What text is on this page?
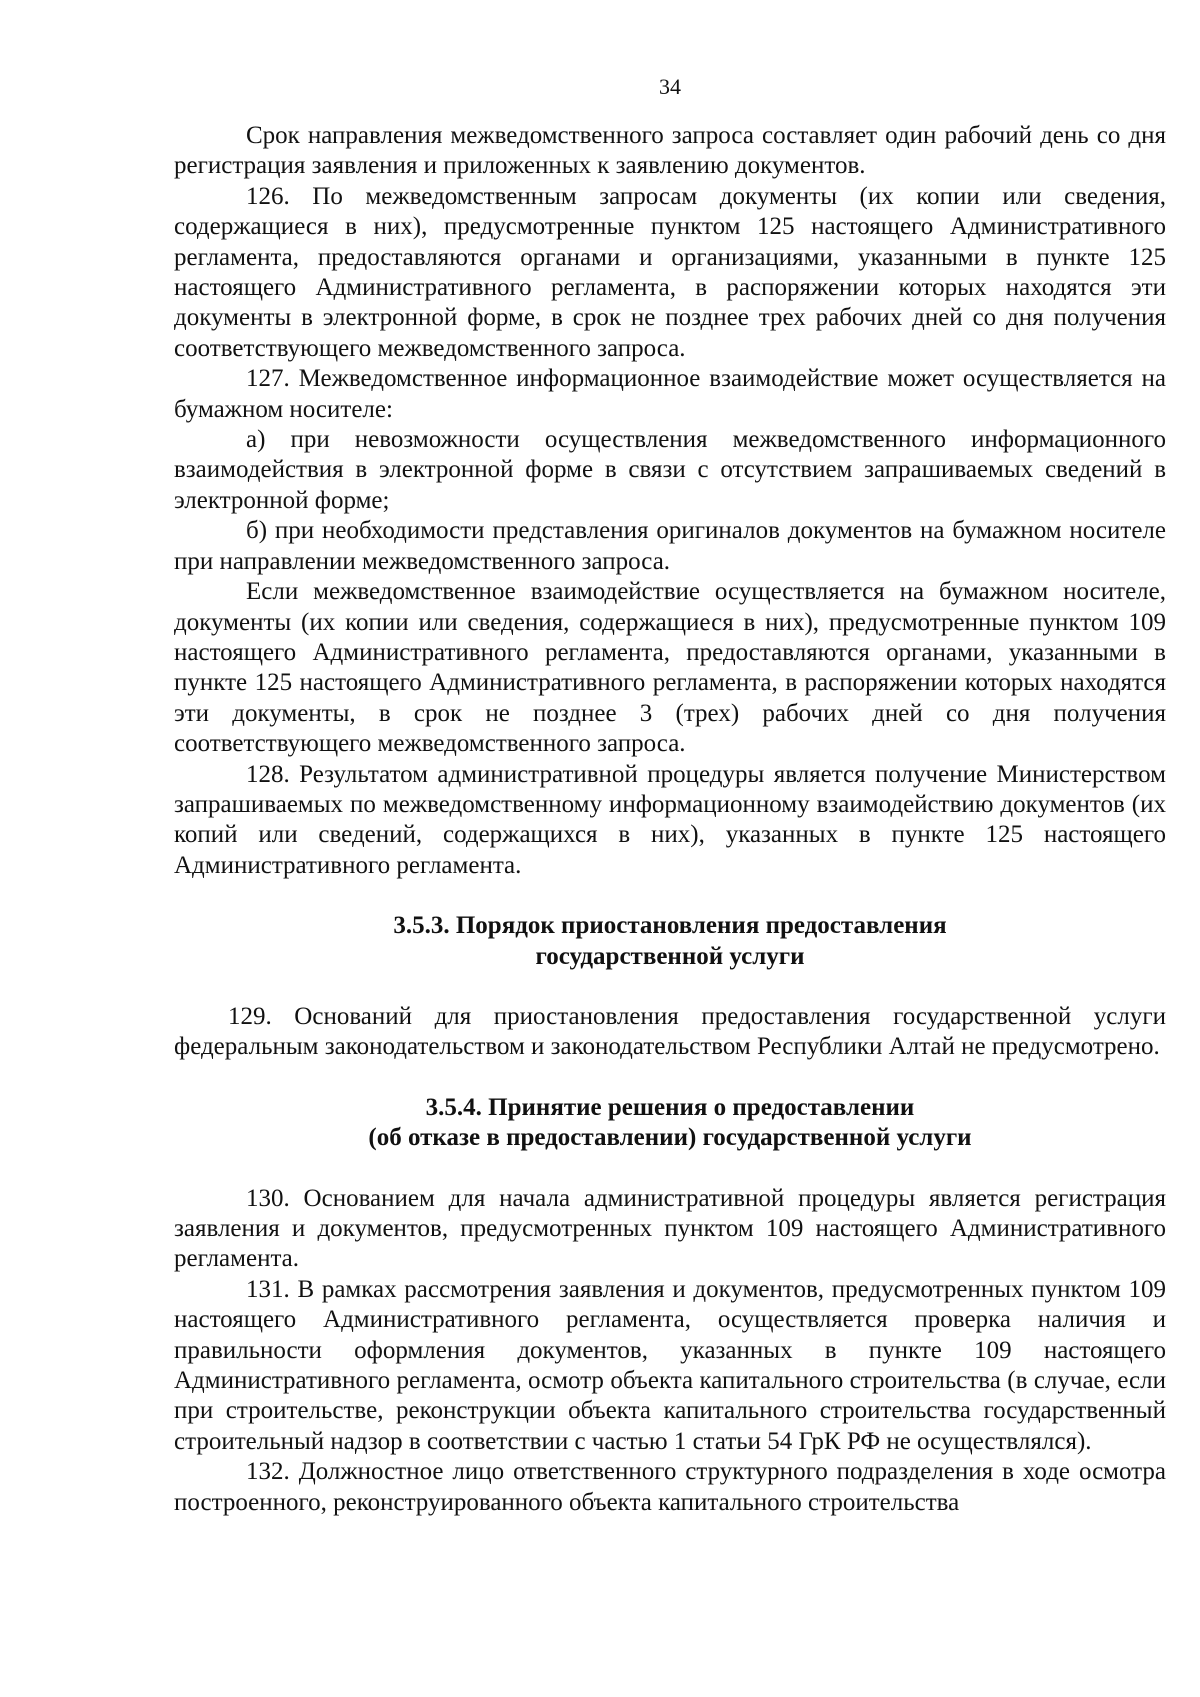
34

Срок направления межведомственного запроса составляет один рабочий день со дня регистрация заявления и приложенных к заявлению документов.

126. По межведомственным запросам документы (их копии или сведения, содержащиеся в них), предусмотренные пунктом 125 настоящего Административного регламента, предоставляются органами и организациями, указанными в пункте 125 настоящего Административного регламента, в распоряжении которых находятся эти документы в электронной форме, в срок не позднее трех рабочих дней со дня получения соответствующего межведомственного запроса.

127. Межведомственное информационное взаимодействие может осуществляется на бумажном носителе:

а) при невозможности осуществления межведомственного информационного взаимодействия в электронной форме в связи с отсутствием запрашиваемых сведений в электронной форме;

б) при необходимости представления оригиналов документов на бумажном носителе при направлении межведомственного запроса.

Если межведомственное взаимодействие осуществляется на бумажном носителе, документы (их копии или сведения, содержащиеся в них), предусмотренные пунктом 109 настоящего Административного регламента, предоставляются органами, указанными в пункте 125 настоящего Административного регламента, в распоряжении которых находятся эти документы, в срок не позднее 3 (трех) рабочих дней со дня получения соответствующего межведомственного запроса.

128. Результатом административной процедуры является получение Министерством запрашиваемых по межведомственному информационному взаимодействию документов (их копий или сведений, содержащихся в них), указанных в пункте 125 настоящего Административного регламента.

3.5.3. Порядок приостановления предоставления
государственной услуги

129. Оснований для приостановления предоставления государственной услуги федеральным законодательством и законодательством Республики Алтай не предусмотрено.

3.5.4. Принятие решения о предоставлении
(об отказе в предоставлении) государственной услуги

130. Основанием для начала административной процедуры является регистрация заявления и документов, предусмотренных пунктом 109 настоящего Административного регламента.

131. В рамках рассмотрения заявления и документов, предусмотренных пунктом 109 настоящего Административного регламента, осуществляется проверка наличия и правильности оформления документов, указанных в пункте 109 настоящего Административного регламента, осмотр объекта капитального строительства (в случае, если при строительстве, реконструкции объекта капитального строительства государственный строительный надзор в соответствии с частью 1 статьи 54 ГрК РФ не осуществлялся).

132. Должностное лицо ответственного структурного подразделения в ходе осмотра построенного, реконструированного объекта капитального строительства
